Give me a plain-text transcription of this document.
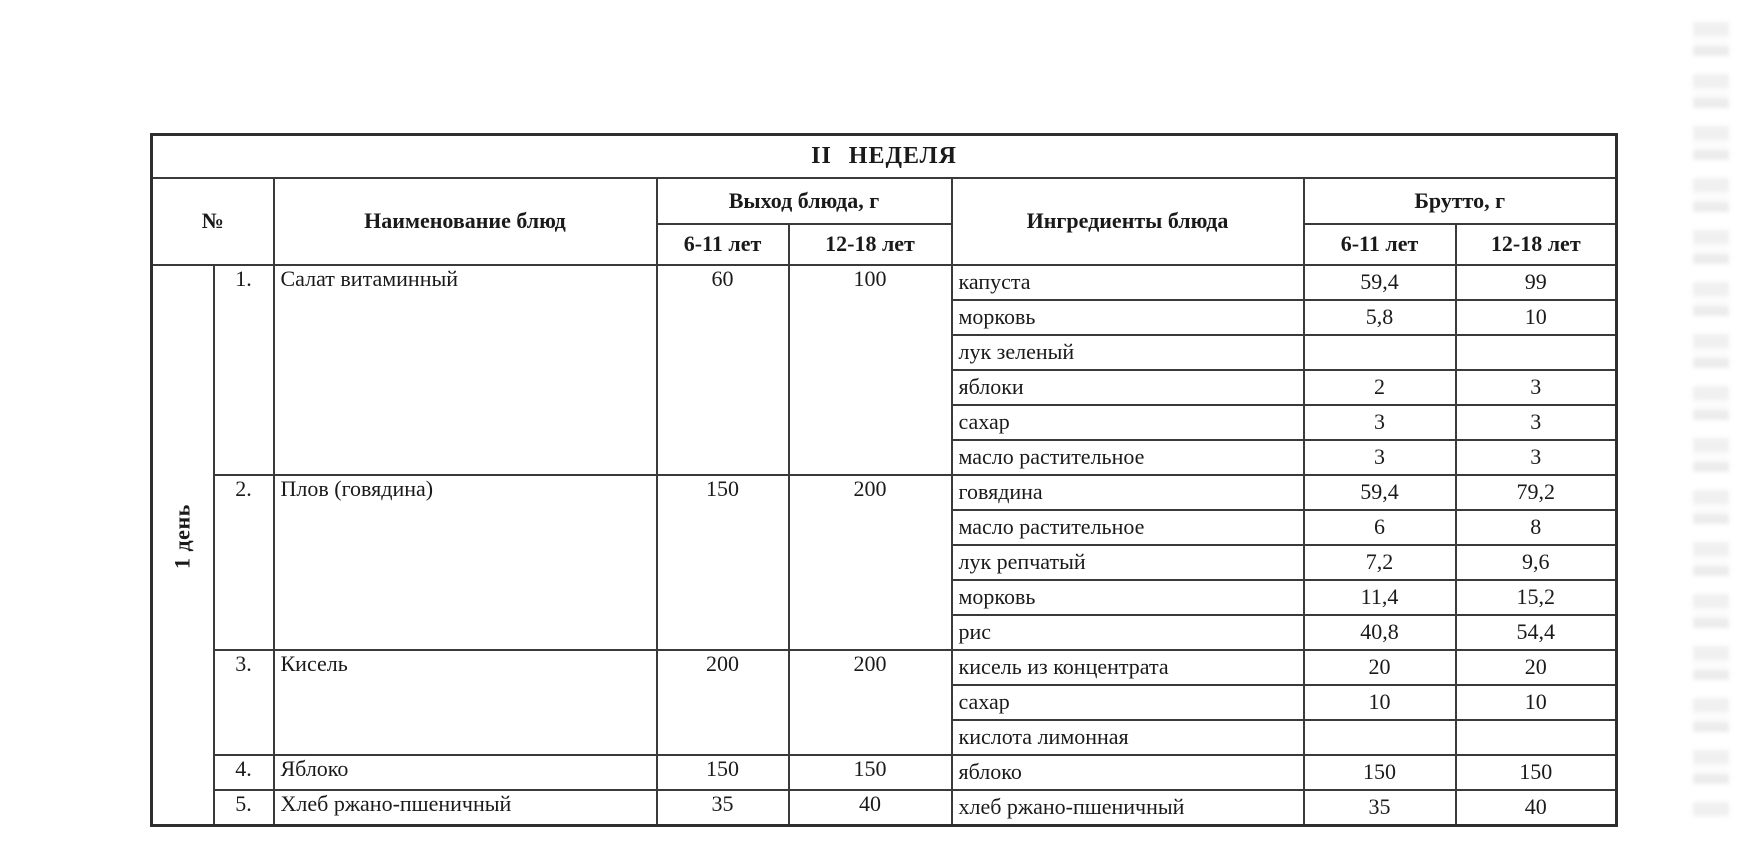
II НЕДЕЛЯ							
№		Наименование блюд	Выход блюда, г		Ингредиенты блюда	Брутто, г	
			6-11 лет	12-18 лет		6-11 лет	12-18 лет

1 день	1.	Салат витаминный	60	100	капуста	59,4	99
					морковь	5,8	10
					лук зеленый		
					яблоки	2	3
					сахар	3	3
					масло растительное	3	3
	2.	Плов (говядина)	150	200	говядина	59,4	79,2
					масло растительное	6	8
					лук репчатый	7,2	9,6
					морковь	11,4	15,2
					рис	40,8	54,4
	3.	Кисель	200	200	кисель из концентрата	20	20
					сахар	10	10
					кислота лимонная		
	4.	Яблоко	150	150	яблоко	150	150
	5.	Хлеб ржано-пшеничный	35	40	хлеб ржано-пшеничный	35	40
